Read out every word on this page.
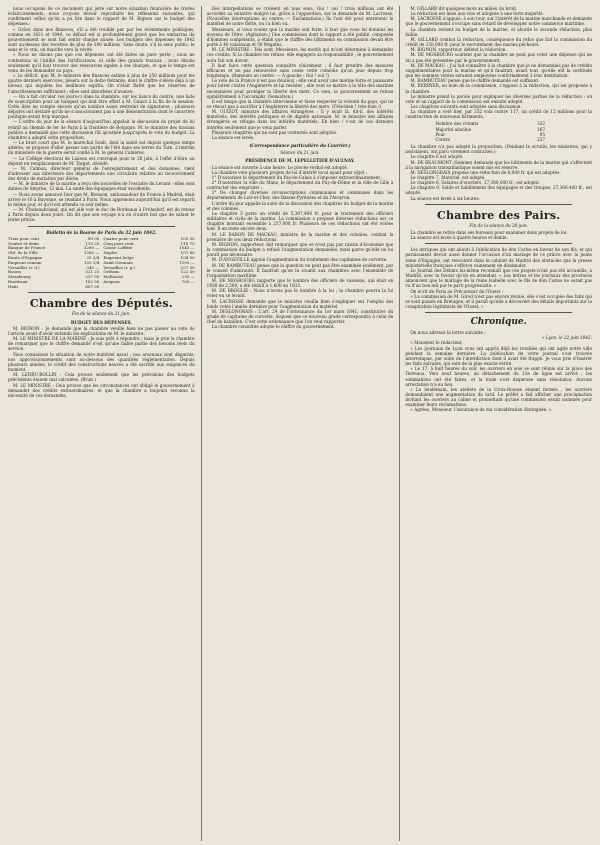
nous occupons de ce document qui jette sur notre situation financière de tristes éclaircissements, nous croyons devoir reproduire les réflexions suivantes, qui confirment celles qu'on a pu lire dans le rapport de M. Bignon sur le budget des dépenses :

« Grâce dans nos finances, s'il a été troublé par par les événements politiques, comme en 1831 et 1840, ce défaut est si profondément gravé que les embarras du gouvernement se sont fait sentir chaque année. Les budgets des dépenses de 1842 sont au-dessus des recettes de plus de 100 millions. Sans doute, s'il le sens public, le sens et le vrai, on marche vers la vérité.

« Nous ne disons pas que ces dépenses ont été faites en pure perte ; nous ne contestons ni l'utilité des fortifications, ni celle des grands travaux ; nous disons seulement qu'il faut trouver des ressources égales à ces charges, et que le temps est venu de les demander au pays.

« Le déficit, que M. le ministre des finances estime à plus de 250 millions pour les quatre derniers exercices, pèsera sur la dette flottante, dont le chiffre s'élève déjà à un niveau qui inquiète les meilleurs esprits. On s'était flatté que les réserves de l'amortissement suffiraient ; elles sont absorbées d'avance.

— On a fait circuler ces jours-ci dans la chambre, sur les bancs du centre, une liste de souscription pour un banquet qui doit être offert à M. Guizot à la fin de la session. Cette liste ne compte encore qu'un nombre assez restreint de signatures ; plusieurs députés ont déclaré qu'ils ne s'associeraient pas à une démonstration dont le caractère politique serait trop marqué.

— L'ordre du jour de la séance d'aujourd'hui appelait la discussion du projet de loi relatif au chemin de fer de Paris à la frontière de Belgique. M. le ministre des travaux publics a demandé que cette discussion fût ajournée jusqu'après le vote du budget. La chambre a adopté cette proposition.

— Le bruit court que M. le maréchal Soult, dont la santé est depuis quelque temps altérée, se propose d'aller passer une partie de l'été dans ses terres du Tarn. L'intérim du ministère de la guerre serait confié à M. le général Cubières.

— Le Collège électoral de Lisieux est convoqué pour le 26 juin, à l'effet d'élire un député en remplacement de M. Targot, décédé.

— M. Calmon, directeur général de l'enregistrement et des domaines, vient d'adresser aux directeurs des départements une circulaire relative au recouvrement des droits de mutation par décès.

— M. le ministre de la marine a reçu des nouvelles de l'escadre du Levant ; elles sont datées de Smyrne, 12 mai. La santé des équipages était excellente.

— Nous avons annoncé hier que M. Bresson, ambassadeur de France à Madrid, était arrivé le 16 à Bayonne, se rendant à Paris. Nous apprenons aujourd'hui qu'il est reparti le même jour, et qu'il est attendu ce soir même.

— M. Chateaubriand, qui est allé voir le duc de Bordeaux à Frohsdorf, est de retour à Paris depuis deux jours. On dit que son voyage n'a eu d'autre but que de saluer le jeune prince.

Bulletin de la Bourse de Paris du 22 juin 1842.
Trois pour cent	80 05 Quatre pour cent	105 50
Quatre et demi	110 25 Cinq pour cent	118 70
Banque de France	3260 — Caisse Laffitte	1045 —
Obl. de la Ville	1280 — Naples	107 60
Rente d'Espagne	25 3/8 Emprunt belge	104 50
Emprunt romain	105 1/4 Saint-Germain	1190 —
Versailles (r. d.)	345 — Versailles (r. g.)	257 50
Rouen	521 25 Orléans	522 50
Strasbourg	237 50 Mulhouse	195 —
Bordeaux	182 50 Avignon	700 —
Haïti	607 50
Chambre des Députés.
Fin de la séance du 21 juin.
BUDGET DES DÉPENSES.

M. BIGNON : Je demande que la chambre veuille bien ne pas passer au vote de l'article avant d'avoir entendu les explications de M. le ministre.

M. LE MINISTRE DE LA MARINE : Je suis prêt à répondre ; mais je prie la chambre de remarquer que le chiffre demandé n'est qu'une faible partie des besoins réels du service.

Vous connaissez la situation de notre matériel naval ; nos arsenaux sont dégarnis, nos approvisionnements sont au-dessous des quantités réglementaires. Depuis plusieurs années, le crédit des constructions neuves a été sacrifié aux exigences du moment.

M. LEDRU-ROLLIN : Cela prouve seulement que les prévisions des budgets précédents étaient mal calculées. (Bruit.)

M. LE MINISTRE : Cela prouve que les circonstances ont obligé le gouvernement à demander des crédits extraordinaires, et que la chambre a toujours reconnu la nécessité de ces demandes.

Des interpellations se croisent en tous sens. Oui ! oui ! trois millions ont été accordés au ministre malgré lui, grâce à l'opposition, sur la demande de M. Lacrosse. (Nouvelles interruptions au centre. — Exclamations.) Ils l'ont été pour entretenir le matériel de notre flotte, on l'a bien vu.

Messieurs, si vous voulez que la marine soit forte, il faut que vous lui donniez les moyens de l'être. (Agitation.) Une commission dont le rapport a été publié, composée d'hommes compétents, a établi que le chiffre des bâtiments en commission devait être porté à 40 vaisseaux et 50 frégates.

M. LE MINISTRE : Tels sont, Messieurs, les motifs qui m'ont déterminé à demander ces crédits. Si la chambre les refuse, elle engagera sa responsabilité ; le gouvernement aura fait son devoir.

Il faut faire cette question connaître clairement ; il faut prendre des mesures efficaces et ne pas renouveler sans cesse cette comédie qu'on joue depuis trop longtemps. (Rumeurs au centre. — À gauche : Oui ! oui !)

Le vote de la France n'est pas douteux ; elle veut avoir une marine forte et puissante pour lutter contre l'Angleterre et lui résister ; elle veut se mettre à la tête des marines secondaires pour protéger la liberté des mers. Ce vœu, le gouvernement se refuse opiniâtrement à l'accomplir. (Sensation.)

Il est temps que la chambre intervienne et fasse respecter la volonté du pays, qui ne se résout pas à sacrifier à l'Angleterre la liberté des mers. (Très-bien ! très-bien !)

M. GUIZOT, ministre des affaires étrangères : Il y avait là, dit-il, des intérêts matériels, des intérêts politiques et de dignité nationale. M. le ministre des affaires étrangères se réfugie dans les intérêts matériels. Eh bien ! c'est de ces derniers intérêts seulement que je veux parler.

Plusieurs chapitres qui ne sont pas contestés sont adoptés.

La séance est levée.

(Correspondance particulière du Courrier.)
Séance du 21 juin.
PRÉSIDENCE DE M. LEPELLETIER D'AULNAY.

La séance est ouverte à une heure. Le procès-verbal est adopté.

La chambre vote plusieurs projets de loi d'intérêt local ayant pour objet :

1° D'autoriser le département du Pas-de-Calais à s'imposer extraordinairement ;

2° D'autoriser la ville du Mans, le département du Puy-de-Dôme et la ville de Lille à contracter des emprunts ;

3° De changer diverses circonscriptions communales et communes dans les départements de Loir-et-Cher, des Basses-Pyrénées et de l'Aveyron.

L'ordre du jour appelle la suite de la discussion des chapitres du budget de la marine et des colonies.

Le chapitre 3 porte un crédit de 5,307,400 fr. pour le traitement des officiers militaires et civils de la marine. La commission a proposé diverses réductions sur ce chapitre montant ensemble à 237,000 fr. Plusieurs de ces réductions ont été votées hier. Il en reste encore deux.

M. LE BARON DE MACKAU, ministre de la marine et des colonies, combat la première de ces deux réductions.

M. BIGNON, rapporteur, fait remarquer que ce n'est pas par raison d'économie que la commission du budget a refusé l'augmentation demandée, mais parce qu'elle ne lui paraît pas nécessaire.

M. D'ANGEVILLE appuie l'augmentation du traitement des capitaines de corvette.

M. DE RAMBUTEAU pense que la question ne peut pas être examinée isolément, par le conseil d'amirauté. Il faudrait qu'on la soumit aux chambres avec l'ensemble de l'organisation maritime.

M. DE MOSBOURG rapporte que le nombre des officiers de vaisseau, qui était en 1830 de 2,500, a été réduit à 1,600 en 1835.

M. DE BROGLIE : Nous n'avons pas le nombre à la loi ; la chambre pourra la lui voter en se levant.

M. LACROSSE demande que le ministre veuille bien s'expliquer sur l'emploi des fonds votés l'année dernière pour l'augmentation du matériel.

M. DESLONGRAIS : L'art. 24 de l'ordonnance du 1er mars 1841, constitutive du grade de capitaine de corvette, dispose que ce nouveau grade correspondra à celui de chef de bataillon. C'est cette ordonnance que l'on veut rapporter.

La chambre consultée adopte le chiffre du gouvernement.

M. GILLARD dit quelques mots au milieu du bruit.

La réduction est mise aux voix et adoptée à une forte majorité.

M. LACROSSE s'appuie, à son tour, sur l'intérêt de la marine marchande et demande que le gouvernement s'occupe sans retard de développer notre commerce maritime.

La chambre revient au budget de la marine, et aborde la seconde réduction, plus faible.

M. GILLARD combat la réduction, conséquence du refus que fait la commission du crédit de 150,000 fr. pour le recrutement des marins-pêcheurs.

M. BIGNON, rapporteur, défend la réduction.

M. DE MOSBOURG soutient que la chambre ne peut pas voter une dépense qui ne lui a pas été présentée par le gouvernement.

M. DE MACKAU : J'ai fait connaître à la chambre que je ne demandais pas de crédits supplémentaires pour la marine et qu'il faudrait, avant tout, qu'elle eût la certitude que les sommes votées seraient employées conformément à leur destination.

M. RAMBUTEAU pense que le chiffre demandé est suffisant.

M. BERRYER, au nom de la commission, s'oppose à la réduction, qui est proposée à la chambre.

Le ministre prend la parole pour expliquer les diverses parties de la réduction ; on vote et un rapport de la commission est ensuite adopté.

Les chapitres suivants sont adoptés sans discussion.

La chambre a voté hier, par 232 voix contre 117, un crédit de 12 millions pour la construction de nouveaux bâtiments.

Nombre des votants	332
Majorité absolue	167
Pour	95
Contre	237

La chambre n'a pas adopté la proposition. (Pendant le scrutin, les ministres, qui y assistaient, ont paru vivement contrariés.)

Le chapitre 6 est adopté.

M. DE BEAUMONT (Somme) demande que les bâtiments de la marine qui s'affectent à la navigation transatlantique soient mis en réserve.

M. DESLONGRAIS propose une réduction de 8,000 fr. qui est adoptée.

Le chapitre 7, Matériel, est adopté.

Le chapitre 8, Salaires d'ouvriers, 17,380,000 fr., est adopté.

Le chapitre 9, Solde et habillement des équipages et des troupes, 27,366,400 fr., est adopté.

La séance est levée à six heures.

Chambre des Pairs.
Fin de la séance du 20 juin.

La chambre se retire dans ses bureaux pour examiner deux projets de loi.

La séance est levée à quatre heures et demie.

Les intrigues qui ont abouti à l'abdication de don Carlos en faveur de son fils, et qui paraissaient devoir aussi donner l'occasion d'un mariage de ce prince avec la jeune reine d'Espagne, ont rencontré dans le cabinet de Madrid des obstacles que la presse ministérielle française s'efforce vainement de dissimuler.

Le Journal des Débats lui-même reconnaît que ces projets n'ont pas été accueillis, à Madrid, avec la faveur qu'on en attendait. « Les lettres et les journaux des provinces annoncent que le mariage de la reine Isabelle avec le fils de don Carlos ne serait pas vu d'un bon œil par le parti progressiste. »

On écrit de Paris au Précurseur de l'Ouest :

« La commission de M. Girod n'est pas encore réunie, elle s'est occupée des faits qui se sont passés en Bretagne, et il paraît qu'elle a découvert des détails importants sur la conspiration légitimiste de l'Ouest. »

Chronique.

On nous adresse la lettre suivante :

« Lyon, le 22 juin 1842.

« Monsieur le rédacteur,

« Les journaux de Lyon vous ont appris déjà les troubles qui ont agité notre ville pendant la semaine dernière. La publication de votre journal s'est trouvée interrompue, par suite de l'interdiction dont il avait été frappé. Je vous prie d'insérer les faits suivants, qui sont de la plus exacte vérité.

« Le 17, à huit heures du soir, les ouvriers en soie se sont réunis sur la place des Terreaux. Vers neuf heures, un détachement du 13e de ligne est arrivé ; les sommations ont été faites, et la foule s'est dispersée sans résistance. Aucune arrestation n'a eu lieu.

« Le lendemain, les ateliers de la Croix-Rousse étaient fermés ; les ouvriers demandaient une augmentation du tarif. Le préfet a fait afficher une proclamation invitant les ouvriers au calme et promettant qu'une commission serait nommée pour examiner leurs réclamations.

« Agréez, Monsieur, l'assurance de ma considération distinguée. »
